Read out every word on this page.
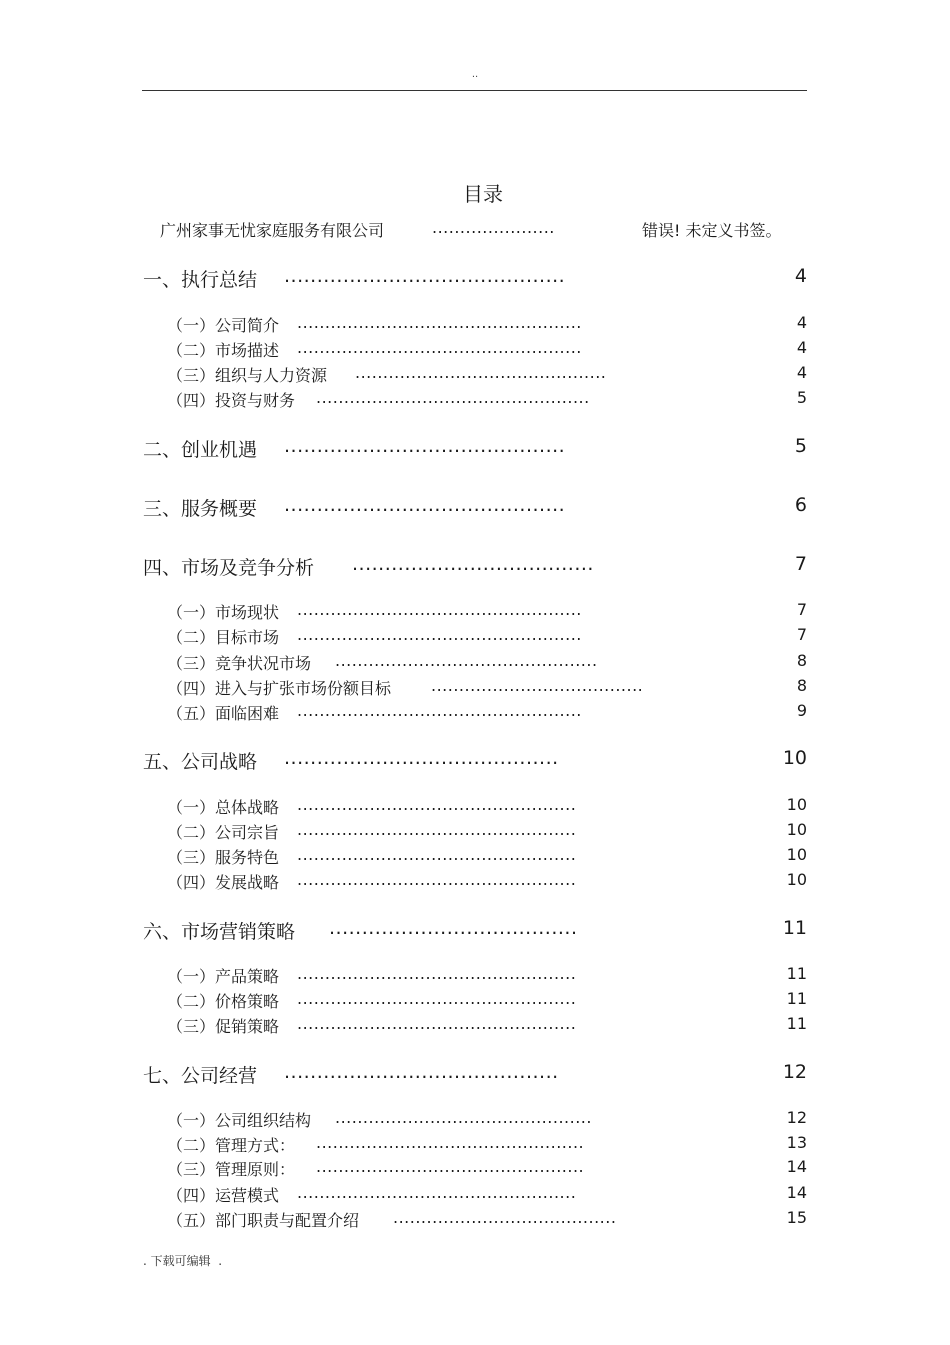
··
目录
广州家事无忧家庭服务有限公司	......................	错误! 未定义书签。
一、执行总结 ...........................................	4
（一）公司简介 ...................................................	4
（二）市场描述 ...................................................	4
（三）组织与人力资源 .............................................	4
（四）投资与财务 .................................................	5
二、创业机遇 ...........................................	5
三、服务概要 ...........................................	6
四、市场及竞争分析 .....................................	7
（一）市场现状 ...................................................	7
（二）目标市场 ...................................................	7
（三）竞争状况市场 ...............................................	8
（四）进入与扩张市场份额目标 ......................................	8
（五）面临困难 ...................................................	9
五、公司战略 ..........................................	10
（一）总体战略 ..................................................	10
（二）公司宗旨 ..................................................	10
（三）服务特色 ..................................................	10
（四）发展战略 ..................................................	10
六、市场营销策略 ......................................	11
（一）产品策略 ..................................................	11
（二）价格策略 ..................................................	11
（三）促销策略 ..................................................	11
七、公司经营 ..........................................	12
（一）公司组织结构 ..............................................	12
（二）管理方式： ................................................	13
（三）管理原则： ................................................	14
（四）运营模式 ..................................................	14
（五）部门职责与配置介绍 ........................................	15
. 下载可编辑  .
